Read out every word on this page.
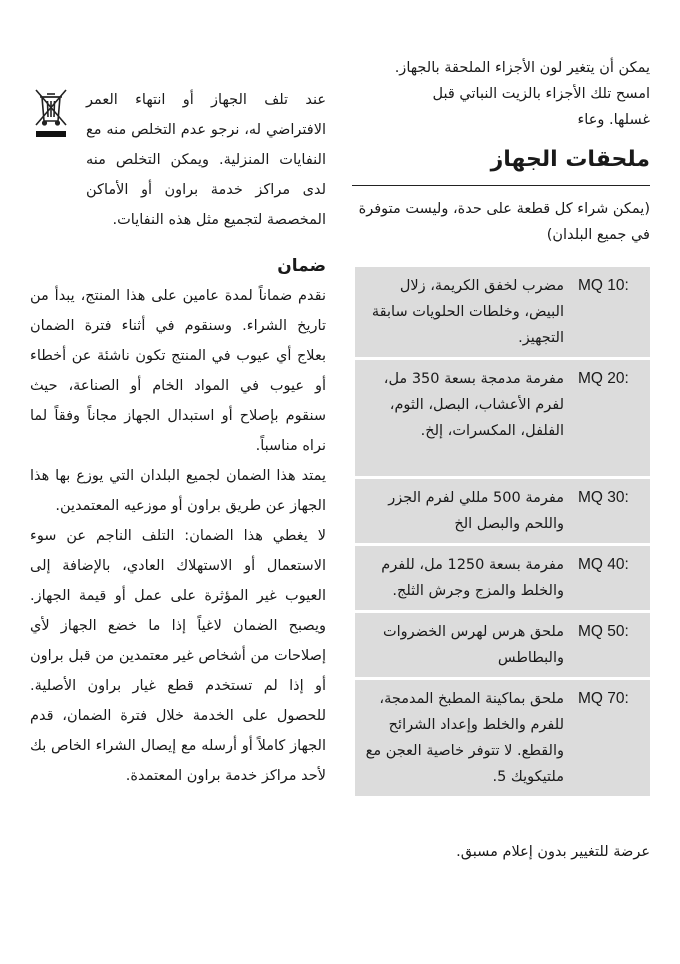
يمكن أن يتغير لون الأجزاء الملحقة بالجهاز.

امسح تلك الأجزاء بالزيت النباتي قبل

غسلها. وعاء

ملحقات الجهاز

(يمكن شراء كل قطعة على حدة، وليست متوفرة في جميع البلدان)

MQ 10:	مضرب لخفق الكريمة، زلال البيض، وخلطات الحلويات سابقة التجهيز.
MQ 20:	مفرمة مدمجة بسعة 350 مل، لفرم الأعشاب، البصل، الثوم، الفلفل، المكسرات، إلخ.
MQ 30:	مفرمة 500 مللي لفرم الجزر واللحم والبصل الخ
MQ 40:	مفرمة بسعة 1250 مل، للفرم والخلط والمزج وجرش الثلج.
MQ 50:	ملحق هرس لهرس الخضروات والبطاطس
MQ 70:	ملحق بماكينة المطبخ المدمجة، للفرم والخلط وإعداد الشرائح والقطع. لا تتوفر خاصية العجن مع ملتيكويك 5.

عرضة للتغيير بدون إعلام مسبق.

عند تلف الجهاز أو انتهاء العمر الافتراضي له، نرجو عدم التخلص منه مع النفايات المنزلية. ويمكن التخلص منه لدى مراكز خدمة براون أو الأماكن المخصصة لتجميع مثل هذه النفايات.

ضمان

نقدم ضماناً لمدة عامين على هذا المنتج، يبدأ من تاريخ الشراء. وسنقوم في أثناء فترة الضمان بعلاج أي عيوب في المنتج تكون ناشئة عن أخطاء أو عيوب في المواد الخام أو الصناعة، حيث سنقوم بإصلاح أو استبدال الجهاز مجاناً وفقاً لما نراه مناسباً.

يمتد هذا الضمان لجميع البلدان التي يوزع بها هذا الجهاز عن طريق براون أو موزعيه المعتمدين.

لا يغطي هذا الضمان: التلف الناجم عن سوء الاستعمال أو الاستهلاك العادي، بالإضافة إلى العيوب غير المؤثرة على عمل أو قيمة الجهاز. ويصبح الضمان لاغياً إذا ما خضع الجهاز لأي إصلاحات من أشخاص غير معتمدين من قبل براون أو إذا لم تستخدم قطع غيار براون الأصلية. للحصول على الخدمة خلال فترة الضمان، قدم الجهاز كاملاً أو أرسله مع إيصال الشراء الخاص بك لأحد مراكز خدمة براون المعتمدة.
